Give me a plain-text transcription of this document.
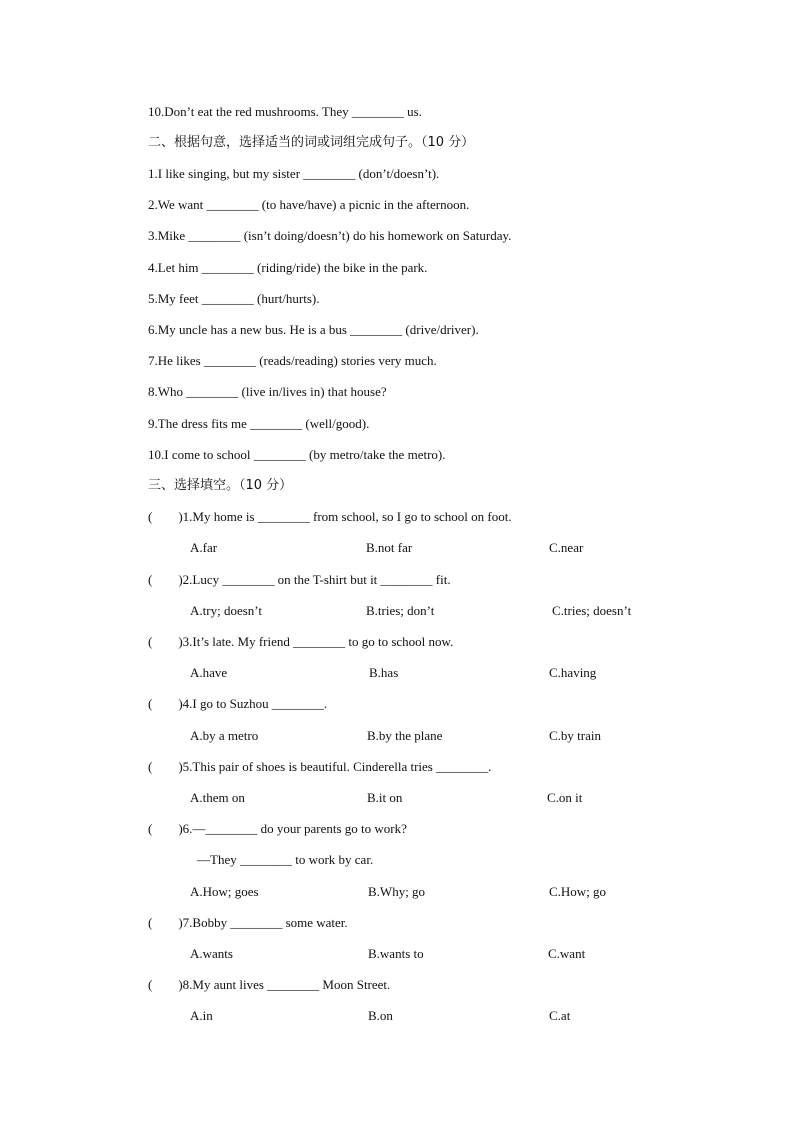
10.Don’t eat the red mushrooms. They ________ us.
二、根据句意，选择适当的词或词组完成句子。（10 分）
1.I like singing, but my sister ________ (don’t/doesn’t).
2.We want ________ (to have/have) a picnic in the afternoon.
3.Mike ________ (isn’t doing/doesn’t) do his homework on Saturday.
4.Let him ________ (riding/ride) the bike in the park.
5.My feet ________ (hurt/hurts).
6.My uncle has a new bus. He is a bus ________ (drive/driver).
7.He likes ________ (reads/reading) stories very much.
8.Who ________ (live in/lives in) that house?
9.The dress fits me ________ (well/good).
10.I come to school ________ (by metro/take the metro).
三、选择填空。（10 分）
(        )1.My home is ________ from school, so I go to school on foot.
A.far	B.not far	C.near
(        )2.Lucy ________ on the T-shirt but it ________ fit.
A.try; doesn’t	B.tries; don’t	C.tries; doesn’t
(        )3.It’s late. My friend ________ to go to school now.
A.have	B.has	C.having
(        )4.I go to Suzhou ________.
A.by a metro	B.by the plane	C.by train
(        )5.This pair of shoes is beautiful. Cinderella tries ________.
A.them on	B.it on	C.on it
(        )6.—________ do your parents go to work?
—They ________ to work by car.
A.How; goes	B.Why; go	C.How; go
(        )7.Bobby ________ some water.
A.wants	B.wants to	C.want
(        )8.My aunt lives ________ Moon Street.
A.in	B.on	C.at
